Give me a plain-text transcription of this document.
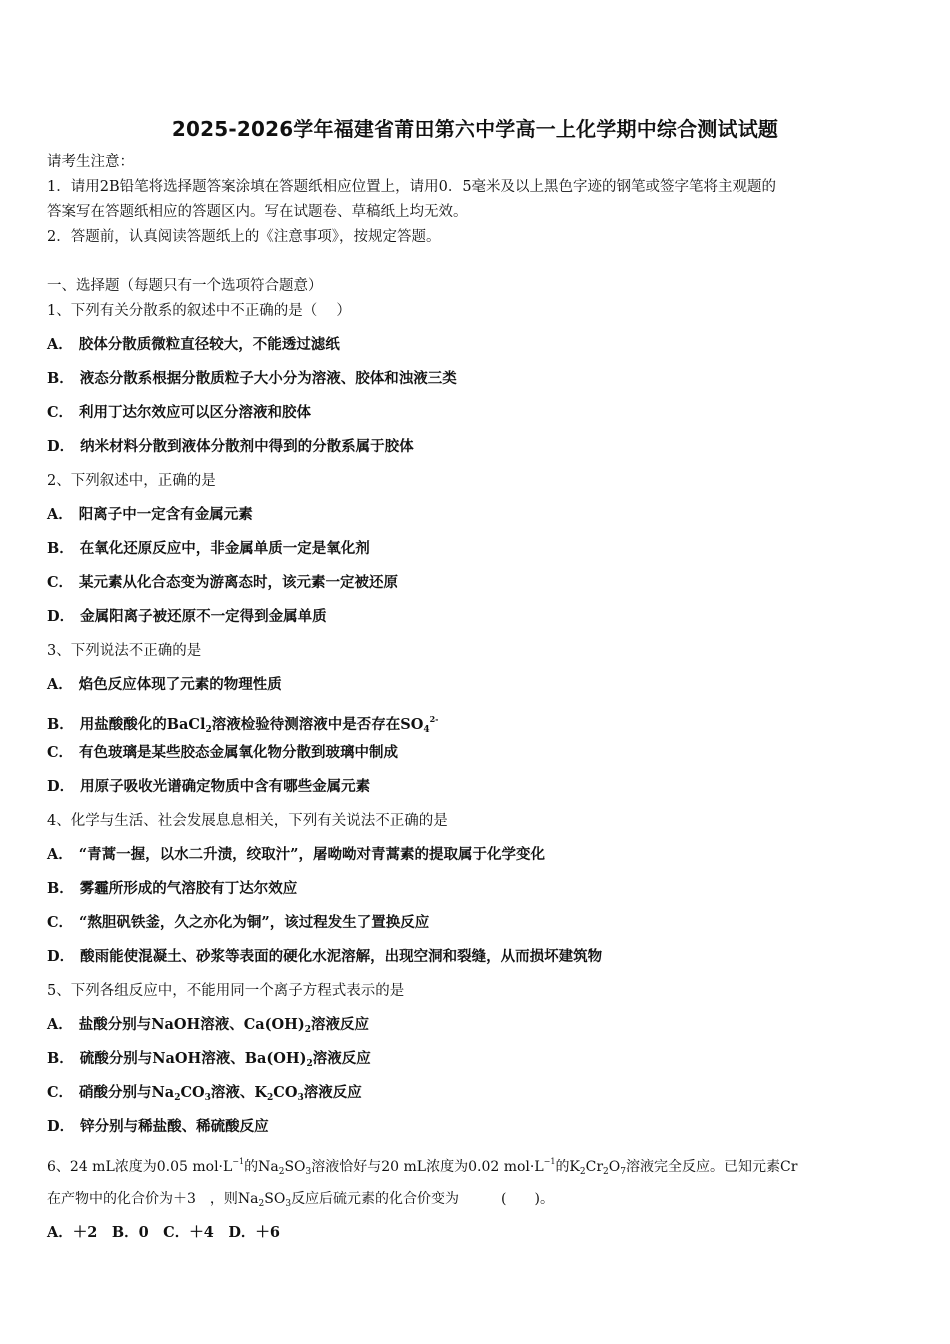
2025-2026学年福建省莆田第六中学高一上化学期中综合测试试题
请考生注意：
1．请用2B铅笔将选择题答案涂填在答题纸相应位置上，请用0．5毫米及以上黑色字迹的钢笔或签字笔将主观题的
答案写在答题纸相应的答题区内。写在试题卷、草稿纸上均无效。
2．答题前，认真阅读答题纸上的《注意事项》，按规定答题。
一、选择题（每题只有一个选项符合题意）
1、下列有关分散系的叙述中不正确的是（　 ）
A． 胶体分散质微粒直径较大，不能透过滤纸
B． 液态分散系根据分散质粒子大小分为溶液、胶体和浊液三类
C． 利用丁达尔效应可以区分溶液和胶体
D． 纳米材料分散到液体分散剂中得到的分散系属于胶体
2、下列叙述中，正确的是
A． 阳离子中一定含有金属元素
B． 在氧化还原反应中，非金属单质一定是氧化剂
C． 某元素从化合态变为游离态时，该元素一定被还原
D． 金属阳离子被还原不一定得到金属单质
3、下列说法不正确的是
A． 焰色反应体现了元素的物理性质
B． 用盐酸酸化的BaCl$_2$溶液检验待测溶液中是否存在$SO_4^{2-}$
C． 有色玻璃是某些胶态金属氧化物分散到玻璃中制成
D． 用原子吸收光谱确定物质中含有哪些金属元素
4、化学与生活、社会发展息息相关，下列有关说法不正确的是
A． “青蒿一握，以水二升渍，绞取汁”，屠呦呦对青蒿素的提取属于化学变化
B． 雾霾所形成的气溶胶有丁达尔效应
C． “熬胆矾铁釜，久之亦化为铜”，该过程发生了置换反应
D． 酸雨能使混凝土、砂浆等表面的硬化水泥溶解，出现空洞和裂缝，从而损坏建筑物
5、下列各组反应中，不能用同一个离子方程式表示的是
A． 盐酸分别与NaOH溶液、$Ca(OH)_2$溶液反应
B． 硫酸分别与NaOH溶液、$Ba(OH)_2$溶液反应
C． 硝酸分别与$Na_2CO_3$溶液、$K_2CO_3$溶液反应
D． 锌分别与稀盐酸、稀硫酸反应
6、24 mL浓度为0.05 $mol\cdot L^{-1}$的$Na_2SO_3$溶液恰好与20 mL浓度为0.02 $mol\cdot L^{-1}$的$K_2Cr_2O_7$溶液完全反应。已知元素Cr
在产物中的化合价为＋3　，则$Na_2SO_3$反应后硫元素的化合价变为　　　(　　)。
A．＋2　B．0　C．＋4　D．＋6
